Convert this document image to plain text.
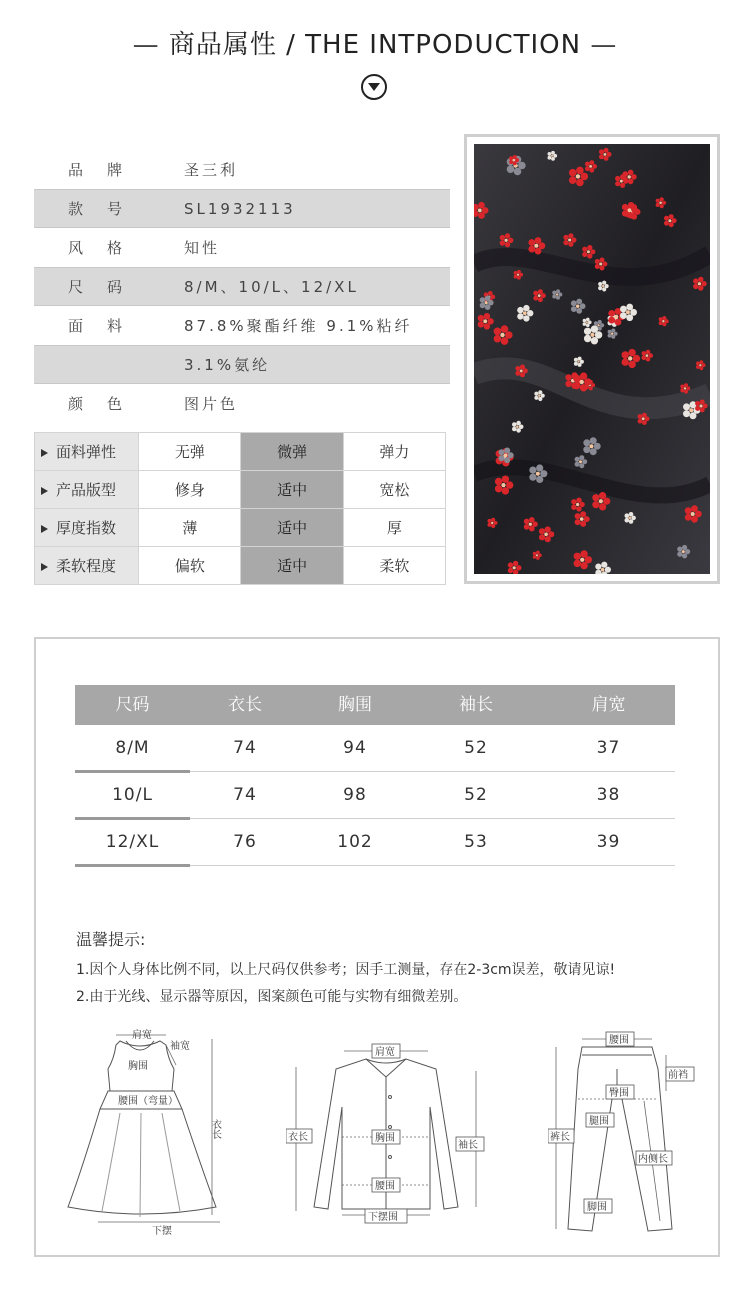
— 商品属性 / THE INTPODUCTION —
品牌	圣三利
款号	SL1932113
风格	知性
尺码	8/M、10/L、12/XL
面料	87.8%聚酯纤维 9.1%粘纤
3.1%氨纶
颜色	图片色
面料弹性	无弹	微弹	弹力
产品版型	修身	适中	宽松
厚度指数	薄	适中	厚
柔软程度	偏软	适中	柔软
尺码	衣长	胸围	袖长	肩宽
8/M	74	94	52	37
10/L	74	98	52	38
12/XL	76	102	53	39
温馨提示:
1.因个人身体比例不同，以上尺码仅供参考；因手工测量，存在2-3cm误差，敬请见谅!
2.由于光线、显示器等原因，图案颜色可能与实物有细微差别。
肩宽
袖宽
胸围
腰围（弯量）
衣长
下摆
肩宽
衣长	胸围
袖长
腰围
下摆围
腰围
前裆
臀围
腿围
裤长
内侧长
脚围
